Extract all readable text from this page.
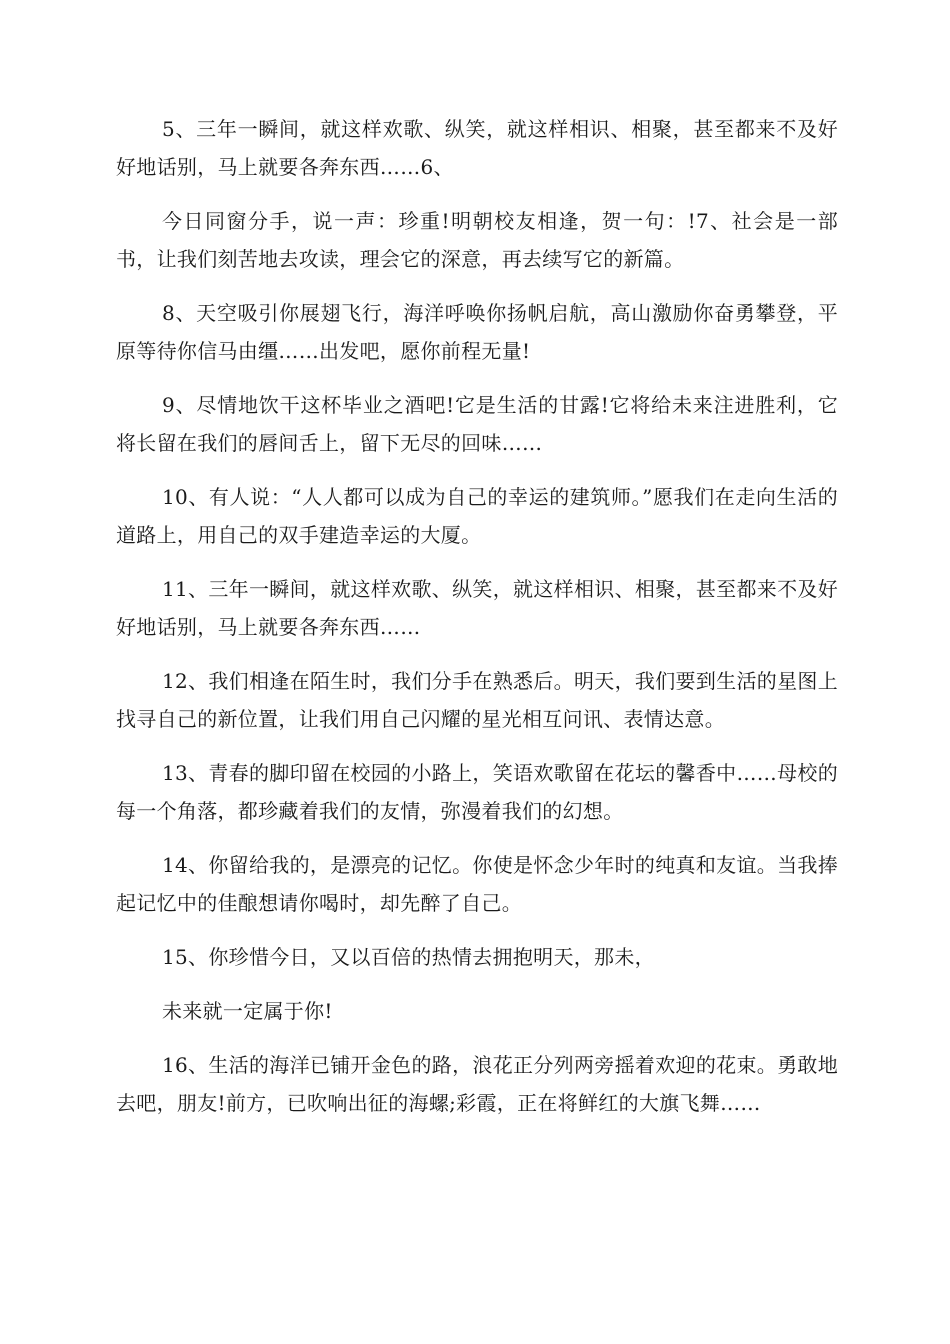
5、三年一瞬间，就这样欢歌、纵笑，就这样相识、相聚，甚至都来不及好好地话别，马上就要各奔东西……6、

今日同窗分手，说一声：珍重!明朝校友相逢，贺一句：!7、社会是一部书，让我们刻苦地去攻读，理会它的深意，再去续写它的新篇。

8、天空吸引你展翅飞行，海洋呼唤你扬帆启航，高山激励你奋勇攀登，平原等待你信马由缰……出发吧，愿你前程无量!

9、尽情地饮干这杯毕业之酒吧!它是生活的甘露!它将给未来注进胜利，它将长留在我们的唇间舌上，留下无尽的回味……

10、有人说：“人人都可以成为自己的幸运的建筑师。”愿我们在走向生活的道路上，用自己的双手建造幸运的大厦。

11、三年一瞬间，就这样欢歌、纵笑，就这样相识、相聚，甚至都来不及好好地话别，马上就要各奔东西……

12、我们相逢在陌生时，我们分手在熟悉后。明天，我们要到生活的星图上找寻自己的新位置，让我们用自己闪耀的星光相互问讯、表情达意。

13、青春的脚印留在校园的小路上，笑语欢歌留在花坛的馨香中……母校的每一个角落，都珍藏着我们的友情，弥漫着我们的幻想。

14、你留给我的，是漂亮的记忆。你使是怀念少年时的纯真和友谊。当我捧起记忆中的佳酿想请你喝时，却先醉了自己。

15、你珍惜今日，又以百倍的热情去拥抱明天，那未，

未来就一定属于你!

16、生活的海洋已铺开金色的路，浪花正分列两旁摇着欢迎的花束。勇敢地去吧，朋友!前方，已吹响出征的海螺;彩霞，正在将鲜红的大旗飞舞……
